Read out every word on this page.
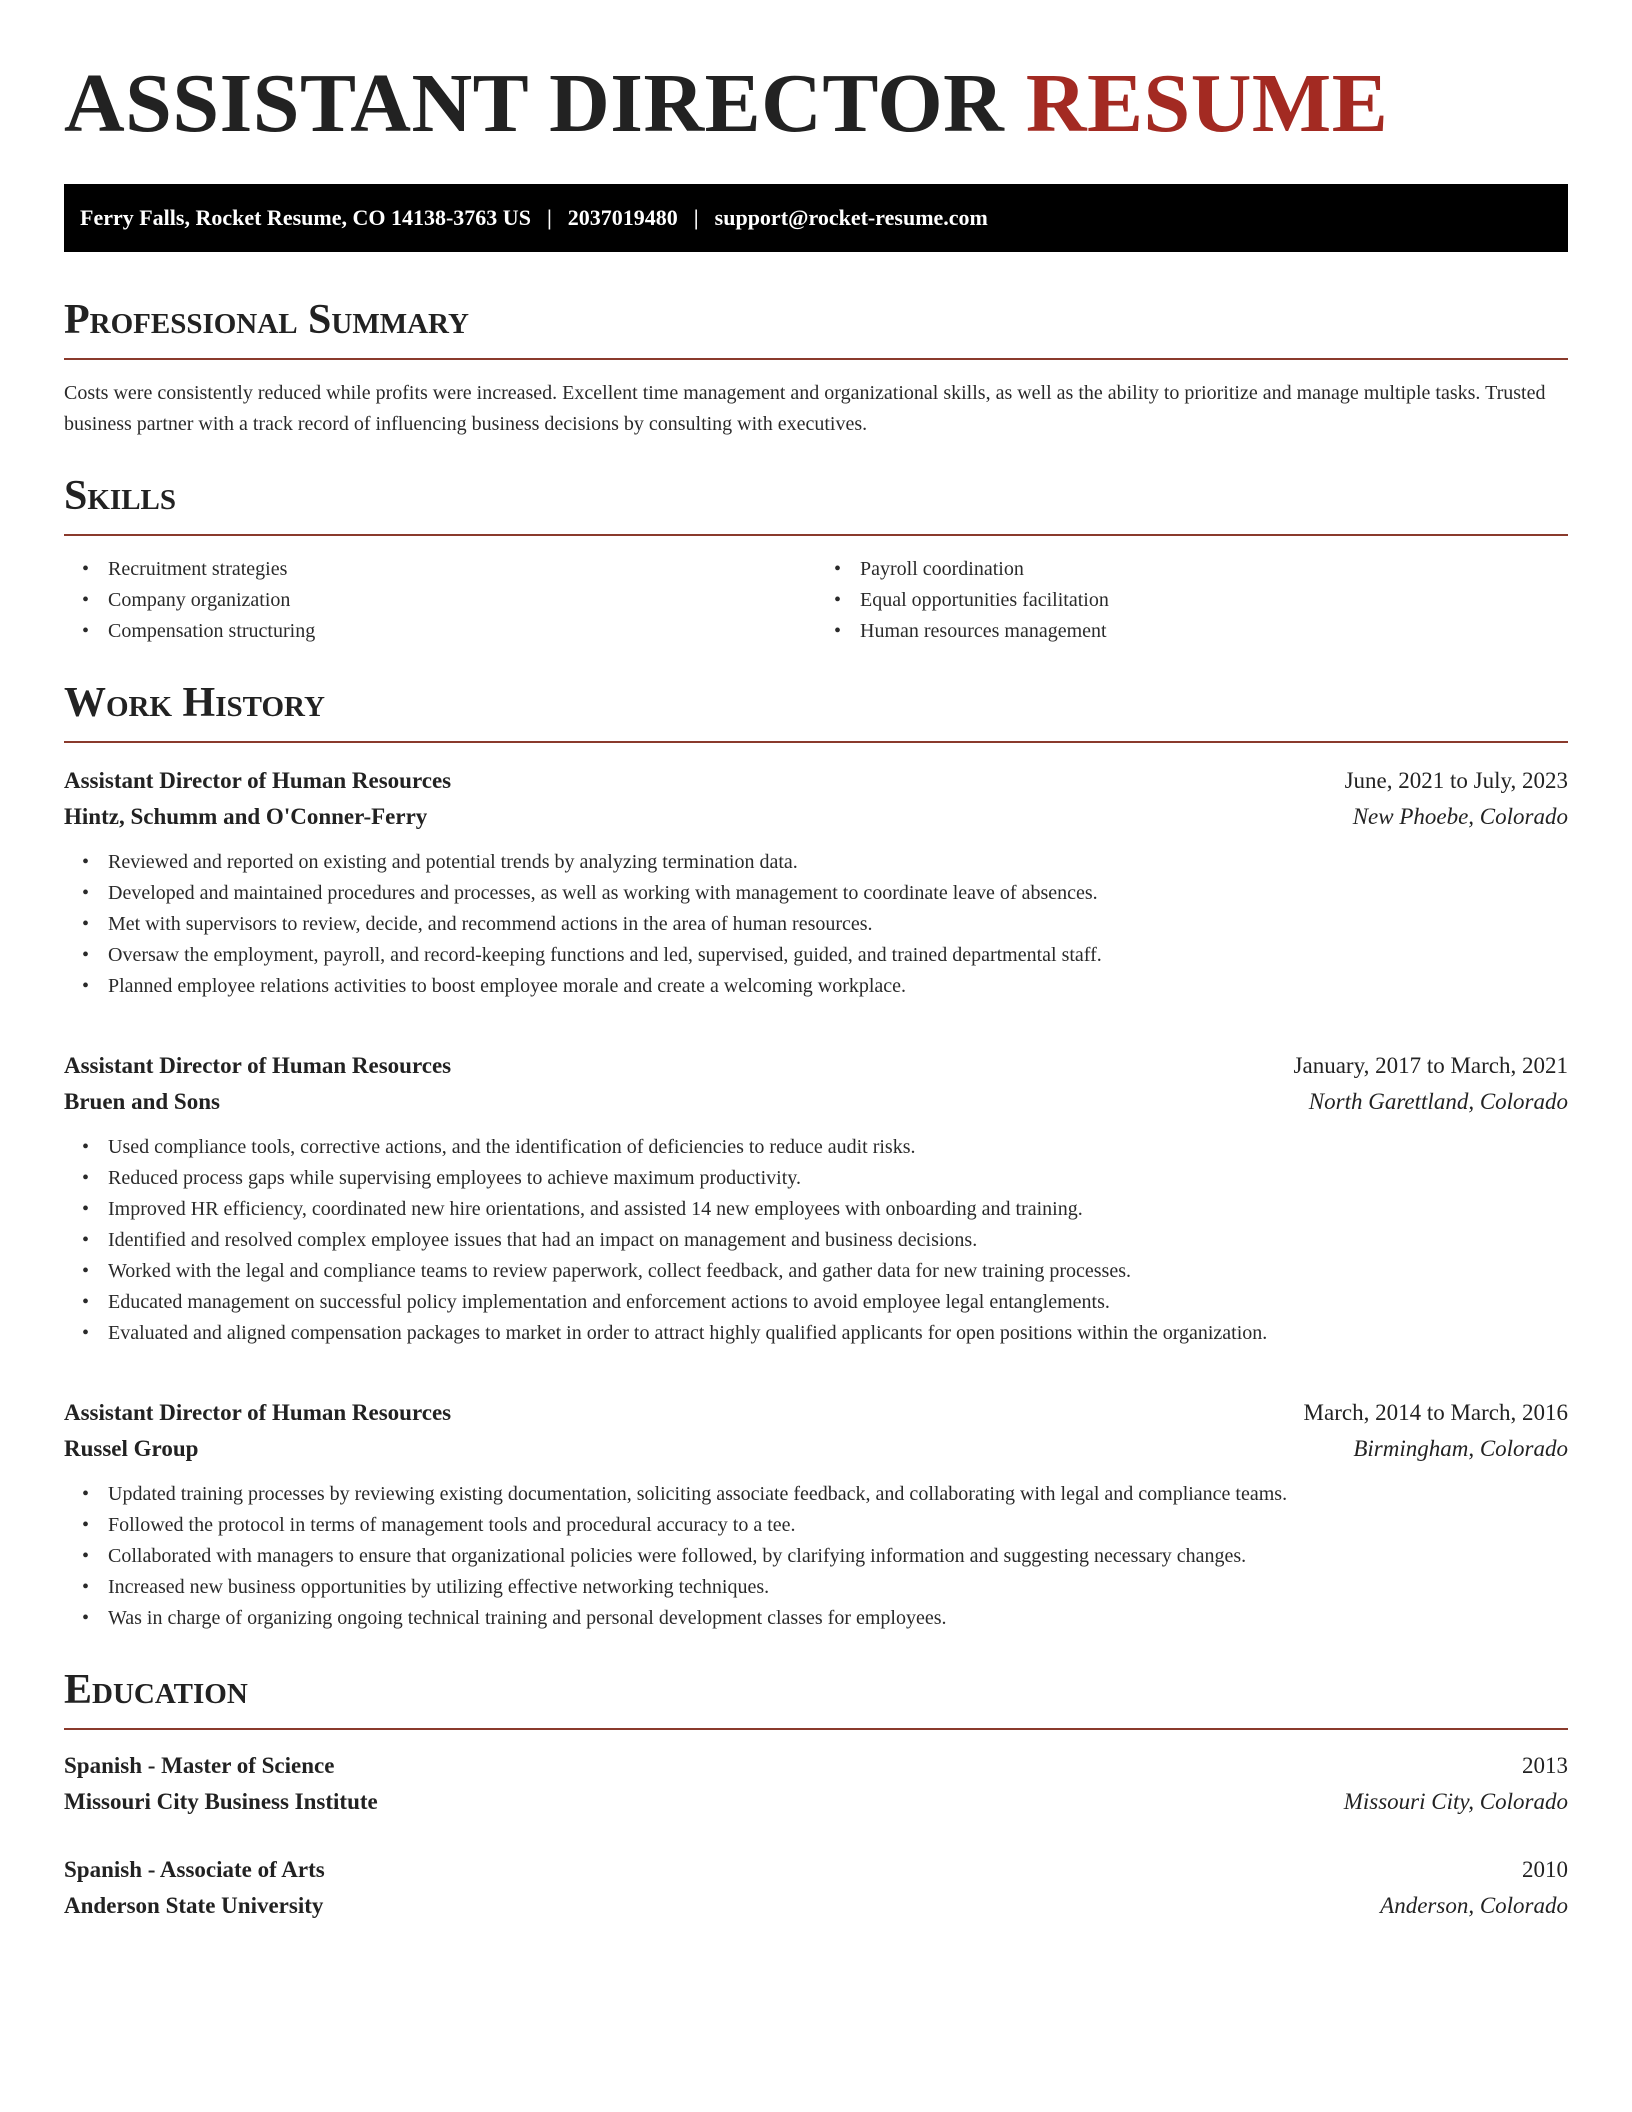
ASSISTANT DIRECTOR RESUME
Ferry Falls, Rocket Resume, CO 14138-3763 US | 2037019480 | support@rocket-resume.com
Professional Summary

Costs were consistently reduced while profits were increased. Excellent time management and organizational skills, as well as the ability to prioritize and manage multiple tasks. Trusted business partner with a track record of influencing business decisions by consulting with executives.

Skills
• Recruitment strategies
• Company organization
• Compensation structuring
• Payroll coordination
• Equal opportunities facilitation
• Human resources management
Work History
Assistant Director of Human Resources	June, 2021 to July, 2023
Hintz, Schumm and O'Conner-Ferry	New Phoebe, Colorado
• Reviewed and reported on existing and potential trends by analyzing termination data.
• Developed and maintained procedures and processes, as well as working with management to coordinate leave of absences.
• Met with supervisors to review, decide, and recommend actions in the area of human resources.
• Oversaw the employment, payroll, and record-keeping functions and led, supervised, guided, and trained departmental staff.
• Planned employee relations activities to boost employee morale and create a welcoming workplace.
Assistant Director of Human Resources	January, 2017 to March, 2021
Bruen and Sons	North Garettland, Colorado
• Used compliance tools, corrective actions, and the identification of deficiencies to reduce audit risks.
• Reduced process gaps while supervising employees to achieve maximum productivity.
• Improved HR efficiency, coordinated new hire orientations, and assisted 14 new employees with onboarding and training.
• Identified and resolved complex employee issues that had an impact on management and business decisions.
• Worked with the legal and compliance teams to review paperwork, collect feedback, and gather data for new training processes.
• Educated management on successful policy implementation and enforcement actions to avoid employee legal entanglements.
• Evaluated and aligned compensation packages to market in order to attract highly qualified applicants for open positions within the organization.
Assistant Director of Human Resources	March, 2014 to March, 2016
Russel Group	Birmingham, Colorado
• Updated training processes by reviewing existing documentation, soliciting associate feedback, and collaborating with legal and compliance teams.
• Followed the protocol in terms of management tools and procedural accuracy to a tee.
• Collaborated with managers to ensure that organizational policies were followed, by clarifying information and suggesting necessary changes.
• Increased new business opportunities by utilizing effective networking techniques.
• Was in charge of organizing ongoing technical training and personal development classes for employees.
Education
Spanish - Master of Science	2013
Missouri City Business Institute	Missouri City, Colorado
Spanish - Associate of Arts	2010
Anderson State University	Anderson, Colorado
